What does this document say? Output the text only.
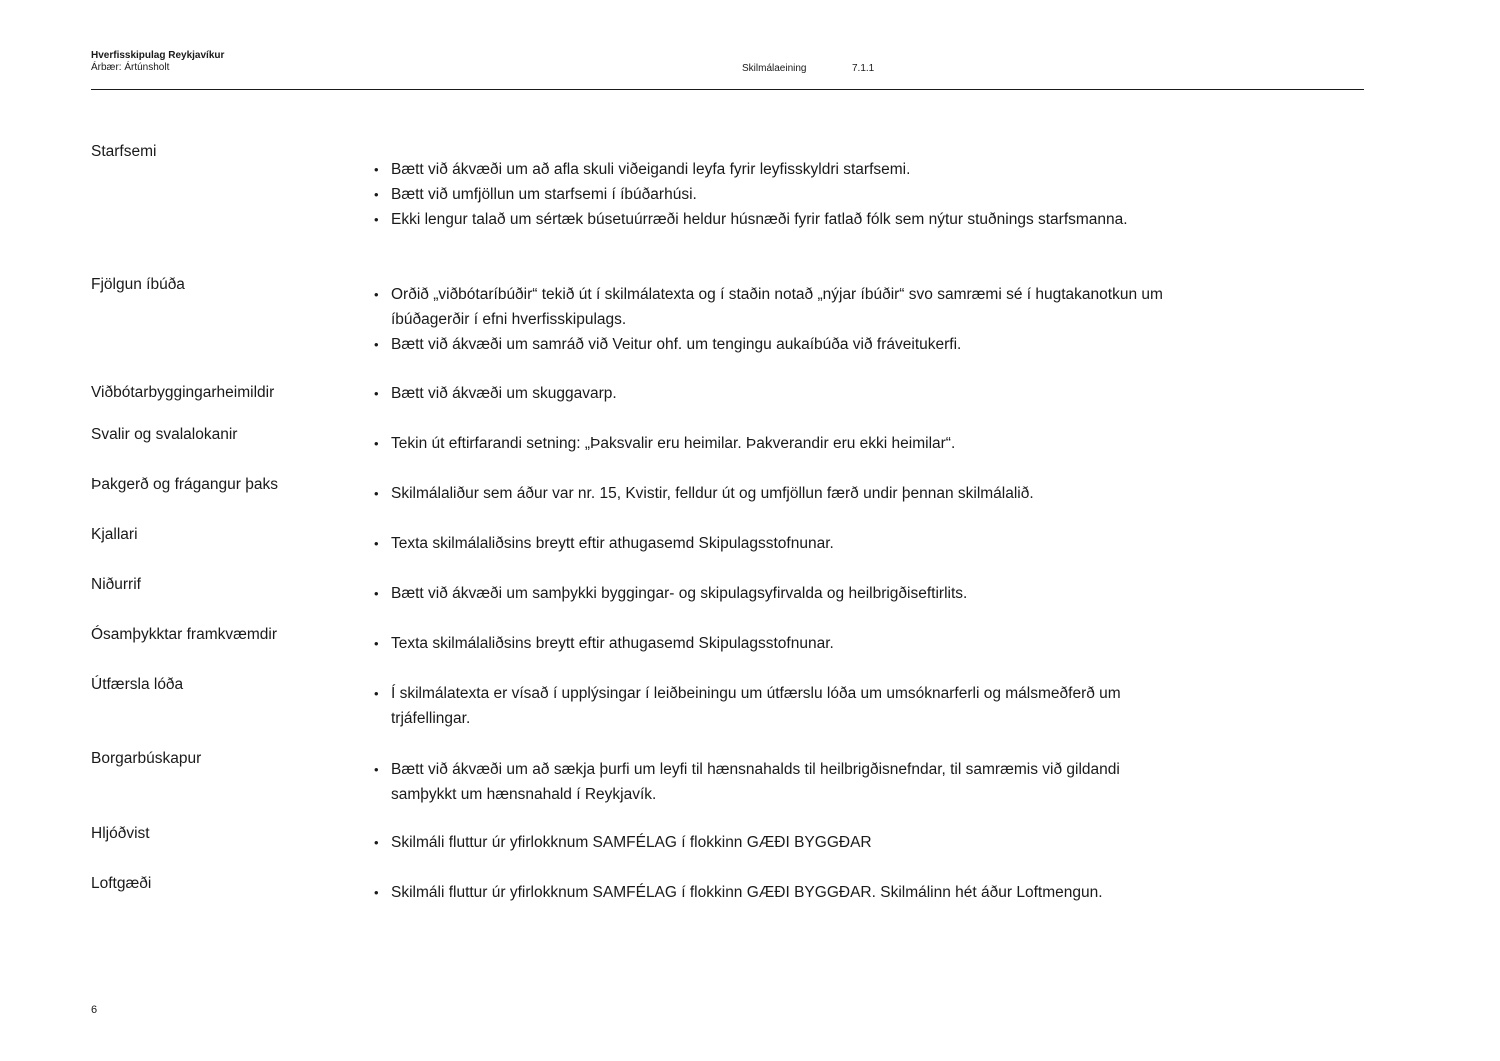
Hverfisskipulag Reykjavíkur
Árbær: Ártúnsholt	Skilmálaeining	7.1.1
Starfsemi
• Bætt við ákvæði um að afla skuli viðeigandi leyfa fyrir leyfisskyldri starfsemi.
• Bætt við umfjöllun um starfsemi í íbúðarhúsi.
• Ekki lengur talað um sértæk búsetuúrræði heldur húsnæði fyrir fatlað fólk sem nýtur stuðnings starfsmanna.
Fjölgun íbúða
• Orðið „viðbótaríbúðir“ tekið út í skilmálatexta og í staðin notað „nýjar íbúðir“ svo samræmi sé í hugtakanotkun um íbúðagerðir í efni hverfisskipulags.
• Bætt við ákvæði um samráð við Veitur ohf. um tengingu aukaíbúða við fráveitukerfi.
Viðbótarbyggingarheimildir	• Bætt við ákvæði um skuggavarp.
Svalir og svalalokanir
• Tekin út eftirfarandi setning: „Þaksvalir eru heimilar. Þakverandir eru ekki heimilar“.
Þakgerð og frágangur þaks
• Skilmálaliður sem áður var nr. 15, Kvistir, felldur út og umfjöllun færð undir þennan skilmálalið.
Kjallari
• Texta skilmálaliðsins breytt eftir athugasemd Skipulagsstofnunar.
Niðurrif
• Bætt við ákvæði um samþykki byggingar- og skipulagsyfirvalda og heilbrigðiseftirlits.
Ósamþykktar framkvæmdir
• Texta skilmálaliðsins breytt eftir athugasemd Skipulagsstofnunar.
Útfærsla lóða
• Í skilmálatexta er vísað í upplýsingar í leiðbeiningu um útfærslu lóða um umsóknarferli og málsmeðferð um trjáfellingar.
Borgarbúskapur
• Bætt við ákvæði um að sækja þurfi um leyfi til hænsnahalds til heilbrigðisnefndar, til samræmis við gildandi samþykkt um hænsnahald í Reykjavík.
Hljóðvist
• Skilmáli fluttur úr yfirlokknum SAMFÉLAG í flokkinn GÆÐI BYGGÐAR
Loftgæði
• Skilmáli fluttur úr yfirlokknum SAMFÉLAG í flokkinn GÆÐI BYGGÐAR. Skilmálinn hét áður Loftmengun.
6
